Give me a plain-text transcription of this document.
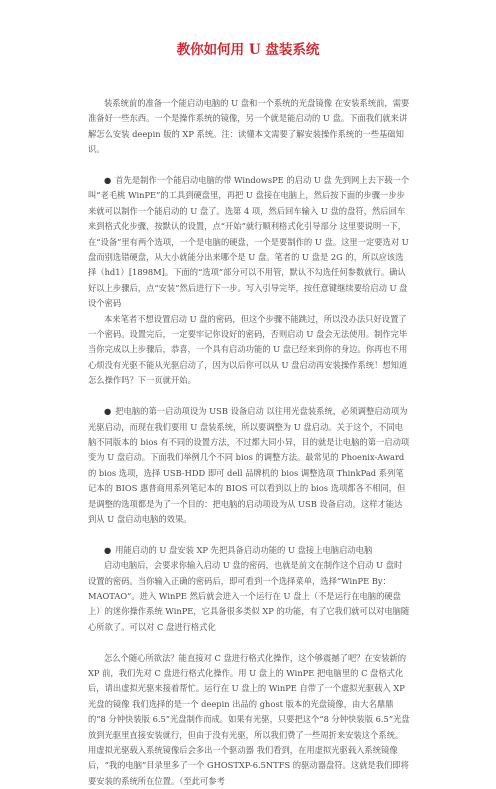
教你如何用 U 盘装系统

装系统前的准备一个能启动电脑的 U 盘和一个系统的光盘镜像 在安装系统前，需要准备好一些东西。一个是操作系统的镜像，另一个就是能启动的 U 盘。下面我们就来讲解怎么安装 deepin 版的 XP 系统。注：读懂本文需要了解安装操作系统的一些基础知识。

● 首先是制作一个能启动电脑的带 WindowsPE 的启动 U 盘 先到网上去下载一个叫“老毛桃 WinPE”的工具到硬盘里，再把 U 盘接在电脑上，然后按下面的步骤一步步来就可以制作一个能启动的 U 盘了。选第 4 项，然后回车输入 U 盘的盘符，然后回车来到格式化步骤，按默认的设置，点“开始”就行顺利格式化引导部分 这里要说明一下，在“设备”里有两个选项，一个是电脑的硬盘，一个是要制作的 U 盘。这里一定要选对 U 盘而别选错硬盘，从大小就能分出来哪个是 U 盘。笔者的 U 盘是 2G 的，所以应该选择（hd1）[1898M]。下面的“选项”部分可以不用管，默认不勾选任何参数就行。确认好以上步骤后，点“安装”然后进行下一步。写入引导完毕，按任意键继续要给启动 U 盘设个密码

本来笔者不想设置启动 U 盘的密码，但这个步骤不能跳过，所以没办法只好设置了一个密码。设置完后，一定要牢记你设好的密码，否则启动 U 盘会无法使用。制作完毕 当你完成以上步骤后，恭喜，一个具有启动功能的 U 盘已经来到你的身边。你再也不用心烦没有光驱不能从光驱启动了，因为以后你可以从 U 盘启动再安装操作系统！想知道怎么操作吗？下一页就开始。

● 把电脑的第一启动项设为 USB 设备启动 以往用光盘装系统，必须调整启动项为光驱启动，而现在我们要用 U 盘装系统，所以要调整为 U 盘启动。关于这个，不同电脑不同版本的 bios 有不同的设置方法，不过都大同小异，目的就是让电脑的第一启动项变为 U 盘启动。下面我们举例几个不同 bios 的调整方法。最常见的 Phoenix-Award 的 bios 选项，选择 USB-HDD 即可 dell 品牌机的 bios 调整选项 ThinkPad 系列笔记本的 BIOS 惠普商用系列笔记本的 BIOS 可以看到以上的 bios 选项都各不相同，但是调整的选项都是为了一个目的：把电脑的启动项设为从 USB 设备启动，这样才能达到从 U 盘启动电脑的效果。

● 用能启动的 U 盘安装 XP 先把具备启动功能的 U 盘接上电脑启动电脑

启动电脑后，会要求你输入启动 U 盘的密码，也就是前文在制作这个启动 U 盘时设置的密码。当你输入正确的密码后，即可看到一个选择菜单，选择“WinPE By：MAOTAO”。进入 WinPE 然后就会进入一个运行在 U 盘上（不是运行在电脑的硬盘上）的迷你操作系统 WinPE，它具备很多类似 XP 的功能，有了它我们就可以对电脑随心所欲了。可以对 C 盘进行格式化

怎么个随心所欲法？能直接对 C 盘进行格式化操作，这个够震撼了吧？在安装新的 XP 前，我们先对 C 盘进行格式化操作。用 U 盘上的 WinPE 把电脑里的 C 盘格式化后，请出虚拟光驱来接着帮忙。运行在 U 盘上的 WinPE 自带了一个虚拟光驱载入 XP 光盘的镜像 我们选择的是一个 deepin 出品的 ghost 版本的光盘镜像，由大名鼎鼎的“8 分钟快装版 6.5”光盘制作而成。如果有光驱，只要把这个“8 分钟快装版 6.5”光盘放到光驱里直接安装就行，但由于没有光驱，所以我们费了一些周折来安装这个系统。用虚拟光驱载入系统镜像后会多出一个驱动器 我们看到，在用虚拟光驱载入系统镜像后，“我的电脑”目录里多了一个 GHOSTXP-6.5NTFS 的驱动器盘符。这就是我们即将要安装的系统所在位置。（至此可参考
